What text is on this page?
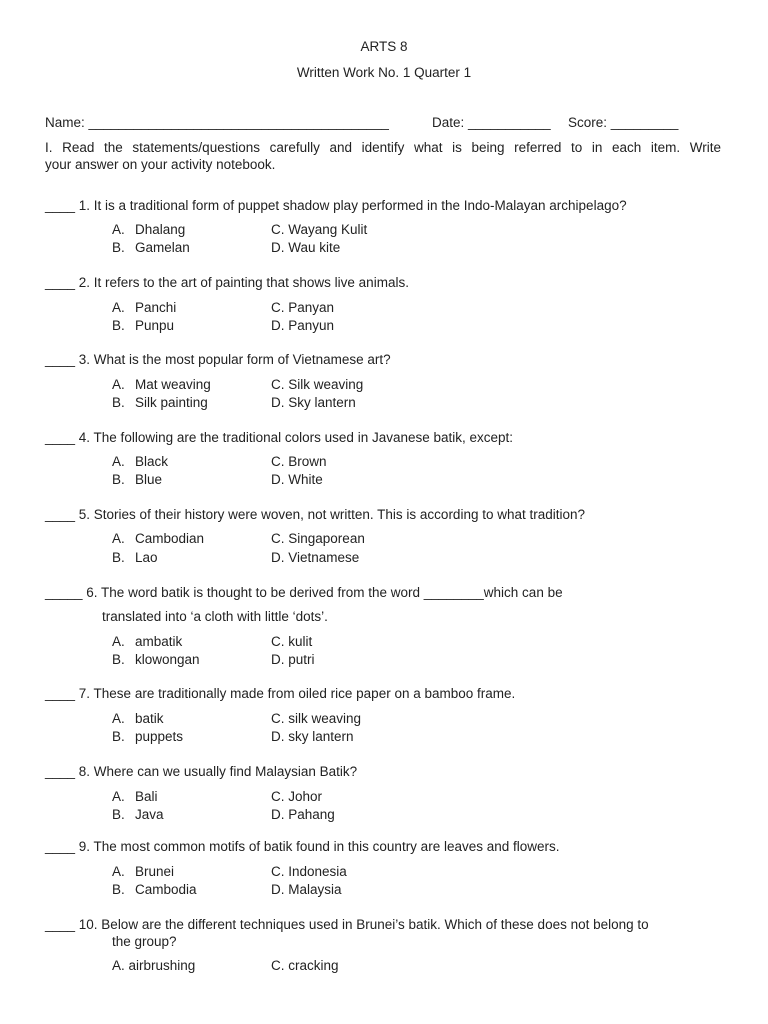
ARTS 8
Written Work No. 1 Quarter 1
Name: ________________________________________	Date: ___________ Score: _________
I. Read the statements/questions carefully and identify what is being referred to in each item. Write
your answer on your activity notebook.
____ 1. It is a traditional form of puppet shadow play performed in the Indo-Malayan archipelago?
A. Dhalang	C. Wayang Kulit
B. Gamelan	D. Wau kite
____ 2. It refers to the art of painting that shows live animals.
A. Panchi	C. Panyan
B. Punpu	D. Panyun
____ 3. What is the most popular form of Vietnamese art?
A. Mat weaving	C. Silk weaving
B. Silk painting	D. Sky lantern
____ 4. The following are the traditional colors used in Javanese batik, except:
A. Black	C. Brown
B. Blue	D. White
____ 5. Stories of their history were woven, not written. This is according to what tradition?
A. Cambodian	C. Singaporean
B. Lao	D. Vietnamese
_____ 6. The word batik is thought to be derived from the word ________which can be
translated into ‘a cloth with little ‘dots’.
A. ambatik	C. kulit
B. klowongan	D. putri
____ 7. These are traditionally made from oiled rice paper on a bamboo frame.
A. batik	C. silk weaving
B. puppets	D. sky lantern
____ 8. Where can we usually find Malaysian Batik?
A. Bali	C. Johor
B. Java	D. Pahang
____ 9. The most common motifs of batik found in this country are leaves and flowers.
A. Brunei	C. Indonesia
B. Cambodia	D. Malaysia
____ 10. Below are the different techniques used in Brunei’s batik. Which of these does not belong to
the group?
A. airbrushing	C. cracking
